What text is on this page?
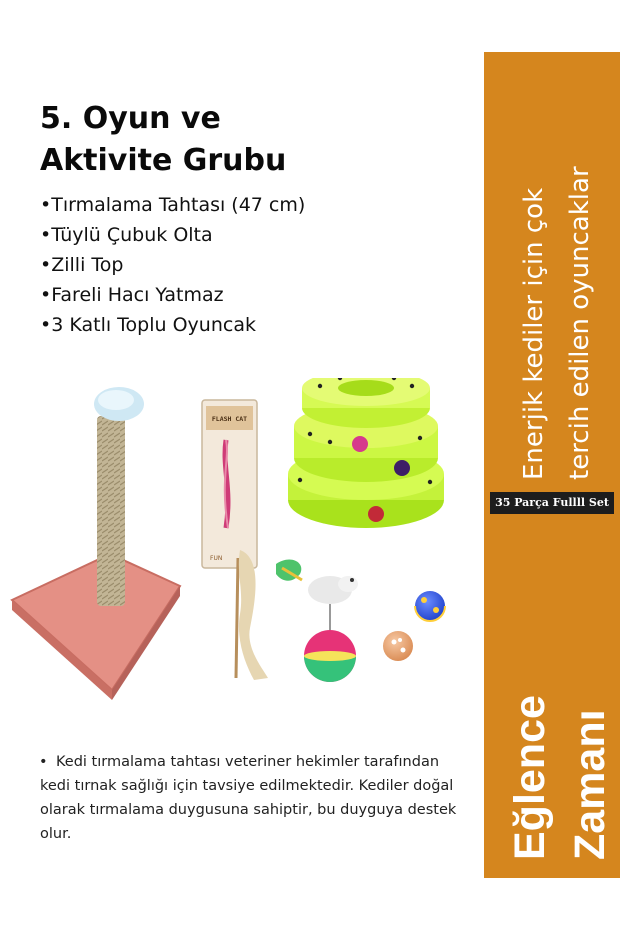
5. Oyun ve
Aktivite Grubu
• Tırmalama Tahtası (47 cm)
• Tüylü Çubuk Olta
• Zilli Top
• Fareli Hacı Yatmaz
• 3 Katlı Toplu Oyuncak
FLASH CAT
FUN
• Kedi tırmalama tahtası veteriner hekimler tarafından kedi tırnak sağlığı için tavsiye edilmektedir. Kediler doğal olarak tırmalama duygusuna sahiptir, bu duyguya destek olur.

Enerjik kediler için çok tercih edilen oyuncaklar
35 Parça Fullll Set
Eğlence Zamanı
